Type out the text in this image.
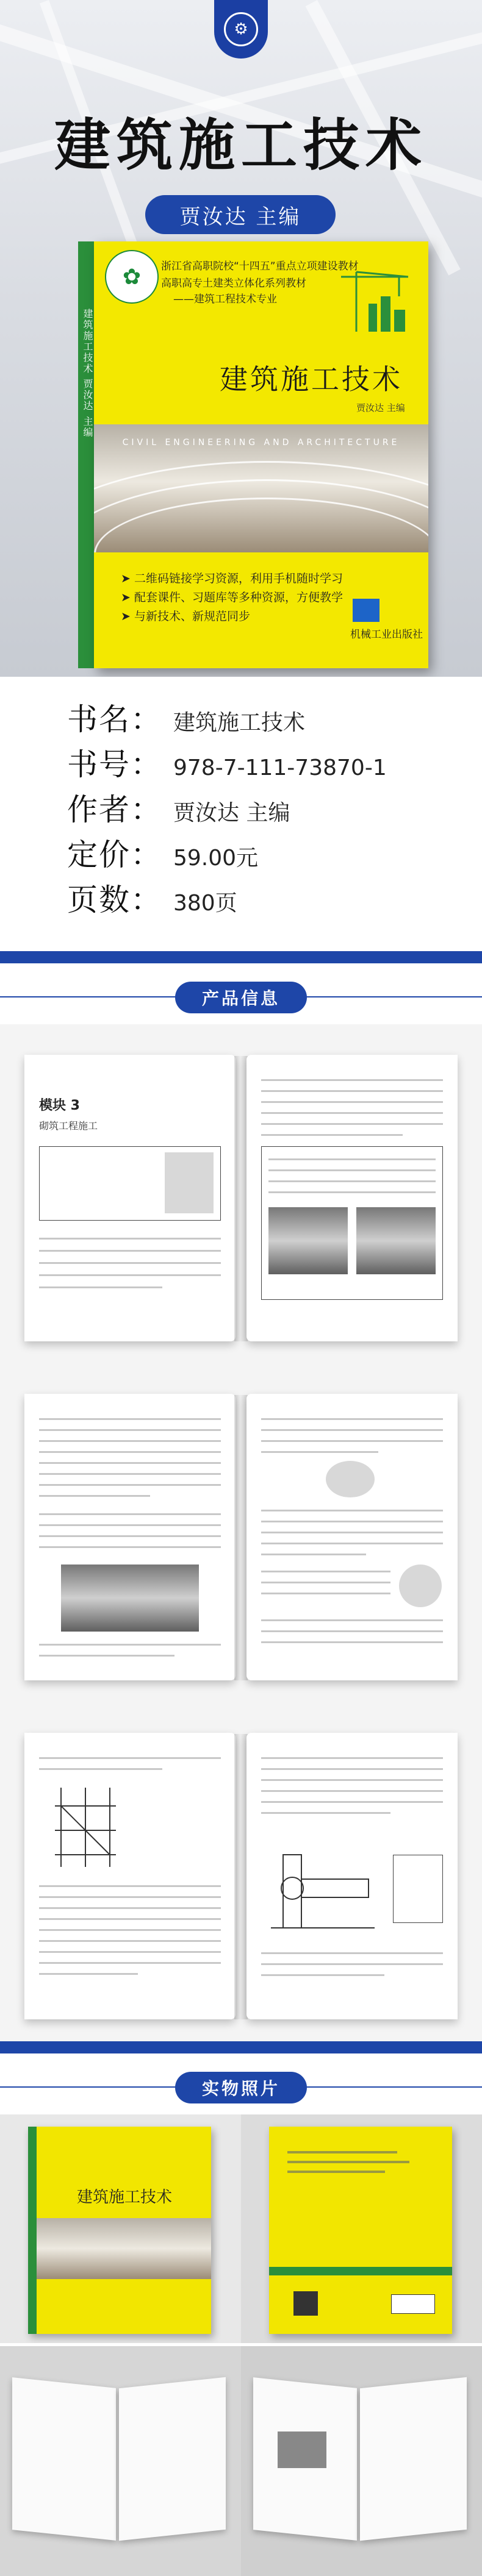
⚙
建筑施工技术
贾汝达 主编
建筑施工技术 贾汝达 主编
✿	浙江省高职院校“十四五”重点立项建设教材
高职高专土建类立体化系列教材
——建筑工程技术专业
建筑施工技术
贾汝达 主编
CIVIL ENGINEERING AND ARCHITECTURE
➤ 二维码链接学习资源，利用手机随时学习
➤ 配套课件、习题库等多种资源，方便教学
➤ 与新技术、新规范同步
机械工业出版社
书名： 建筑施工技术
书号： 978-7-111-73870-1
作者： 贾汝达 主编
定价： 59.00元
页数： 380页
产品信息
模块 3
砌筑工程施工
实物照片
建筑施工技术
